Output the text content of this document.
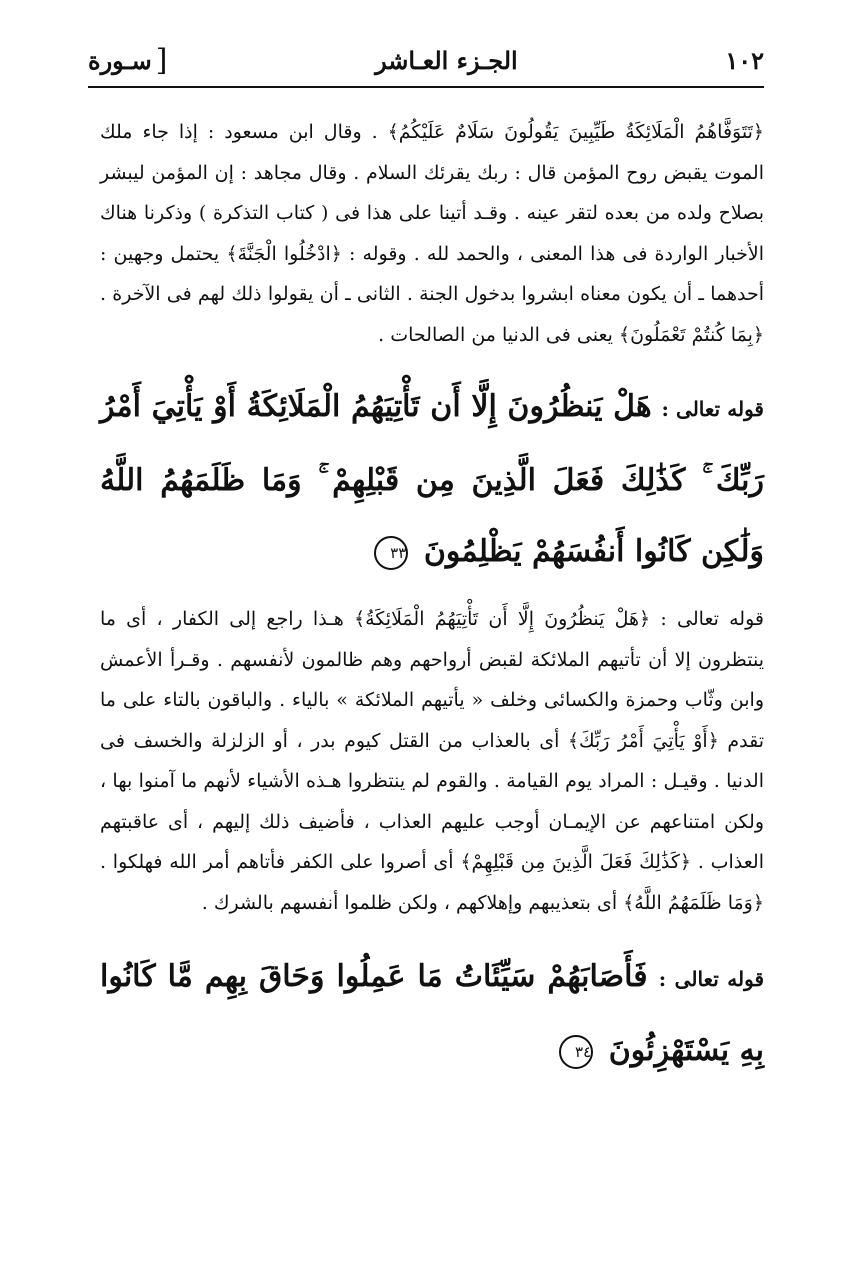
١٠٢
الجـزء العـاشر
[
سـورة

﴿تَتَوَفَّاهُمُ الْمَلَائِكَةُ طَيِّبِينَ يَقُولُونَ سَلَامٌ عَلَيْكُمُ﴾ . وقال ابن مسعود : إذا جاء ملك الموت يقبض روح المؤمن قال : ربك يقرئك السلام . وقال مجاهد : إن المؤمن ليبشر بصلاح ولده من بعده لتقر عينه . وقـد أتينا على هذا فى ( كتاب التذكرة ) وذكرنا هناك الأخبار الواردة فى هذا المعنى ، والحمد لله . وقوله : ﴿ادْخُلُوا الْجَنَّةَ﴾ يحتمل وجهين : أحدهما ـ أن يكون معناه ابشروا بدخول الجنة . الثانى ـ أن يقولوا ذلك لهم فى الآخرة . ﴿بِمَا كُنتُمْ تَعْمَلُونَ﴾ يعنى فى الدنيا من الصالحات .

قوله تعالى : هَلْ يَنظُرُونَ إِلَّا أَن تَأْتِيَهُمُ الْمَلَائِكَةُ أَوْ يَأْتِيَ أَمْرُ رَبِّكَ ۚ كَذَٰلِكَ فَعَلَ الَّذِينَ مِن قَبْلِهِمْ ۚ وَمَا ظَلَمَهُمُ اللَّهُ وَلَٰكِن كَانُوا أَنفُسَهُمْ يَظْلِمُونَ ٣٣

قوله تعالى : ﴿هَلْ يَنظُرُونَ إِلَّا أَن تَأْتِيَهُمُ الْمَلَائِكَةُ﴾ هـذا راجع إلى الكفار ، أى ما ينتظرون إلا أن تأتيهم الملائكة لقبض أرواحهم وهم ظالمون لأنفسهم . وقـرأ الأعمش وابن وثّاب وحمزة والكسائى وخلف « يأتيهم الملائكة » بالياء . والباقون بالتاء على ما تقدم ﴿أَوْ يَأْتِيَ أَمْرُ رَبِّكَ﴾ أى بالعذاب من القتل كيوم بدر ، أو الزلزلة والخسف فى الدنيا . وقيـل : المراد يوم القيامة . والقوم لم ينتظروا هـذه الأشياء لأنهم ما آمنوا بها ، ولكن امتناعهم عن الإيمـان أوجب عليهم العذاب ، فأضيف ذلك إليهم ، أى عاقبتهم العذاب . ﴿كَذَٰلِكَ فَعَلَ الَّذِينَ مِن قَبْلِهِمْ﴾ أى أصروا على الكفر فأتاهم أمر الله فهلكوا . ﴿وَمَا ظَلَمَهُمُ اللَّهُ﴾ أى بتعذيبهم وإهلاكهم ، ولكن ظلموا أنفسهم بالشرك .

قوله تعالى : فَأَصَابَهُمْ سَيِّئَاتُ مَا عَمِلُوا وَحَاقَ بِهِم مَّا كَانُوا بِهِ يَسْتَهْزِئُونَ ٣٤
